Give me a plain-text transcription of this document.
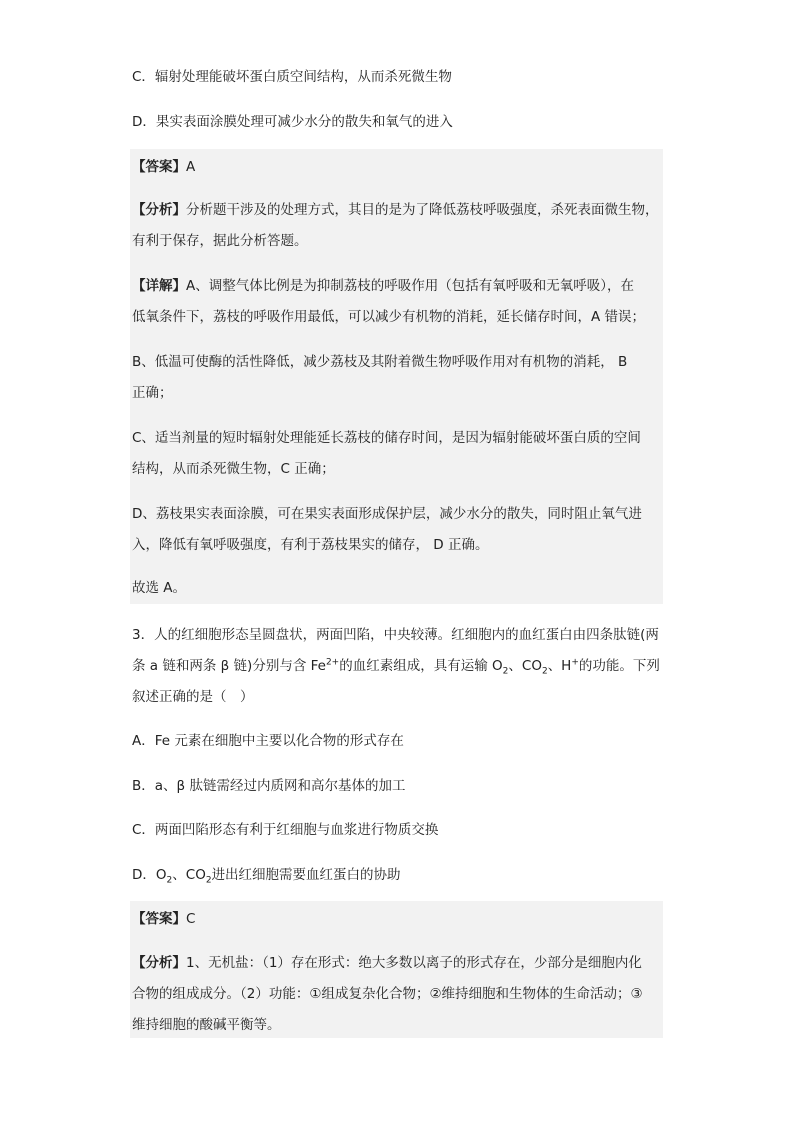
C．辐射处理能破坏蛋白质空间结构，从而杀死微生物
D．果实表面涂膜处理可减少水分的散失和氧气的进入
【答案】A
【分析】分析题干涉及的处理方式，其目的是为了降低荔枝呼吸强度，杀死表面微生物，
有利于保存，据此分析答题。
【详解】A、调整气体比例是为抑制荔枝的呼吸作用（包括有氧呼吸和无氧呼吸），在
低氧条件下，荔枝的呼吸作用最低，可以减少有机物的消耗，延长储存时间，A 错误；
B、低温可使酶的活性降低，减少荔枝及其附着微生物呼吸作用对有机物的消耗， B
正确；
C、适当剂量的短时辐射处理能延长荔枝的储存时间，是因为辐射能破坏蛋白质的空间
结构，从而杀死微生物，C 正确；
D、荔枝果实表面涂膜，可在果实表面形成保护层，减少水分的散失，同时阻止氧气进
入，降低有氧呼吸强度，有利于荔枝果实的储存， D 正确。
故选 A。
3．人的红细胞形态呈圆盘状，两面凹陷，中央较薄。红细胞内的血红蛋白由四条肽链(两
条 a 链和两条 β 链)分别与含 $Fe^{2+}$的血红素组成，具有运输 $O_2$、$CO_2$、H+的功能。下列
叙述正确的是（　）
A．Fe 元素在细胞中主要以化合物的形式存在
B．a、β 肽链需经过内质网和高尔基体的加工
C．两面凹陷形态有利于红细胞与血浆进行物质交换
D．$O_2$、$CO_2$进出红细胞需要血红蛋白的协助
【答案】C
【分析】1、无机盐：（1）存在形式：绝大多数以离子的形式存在，少部分是细胞内化
合物的组成成分。（2）功能：①组成复杂化合物；②维持细胞和生物体的生命活动；③
维持细胞的酸碱平衡等。
